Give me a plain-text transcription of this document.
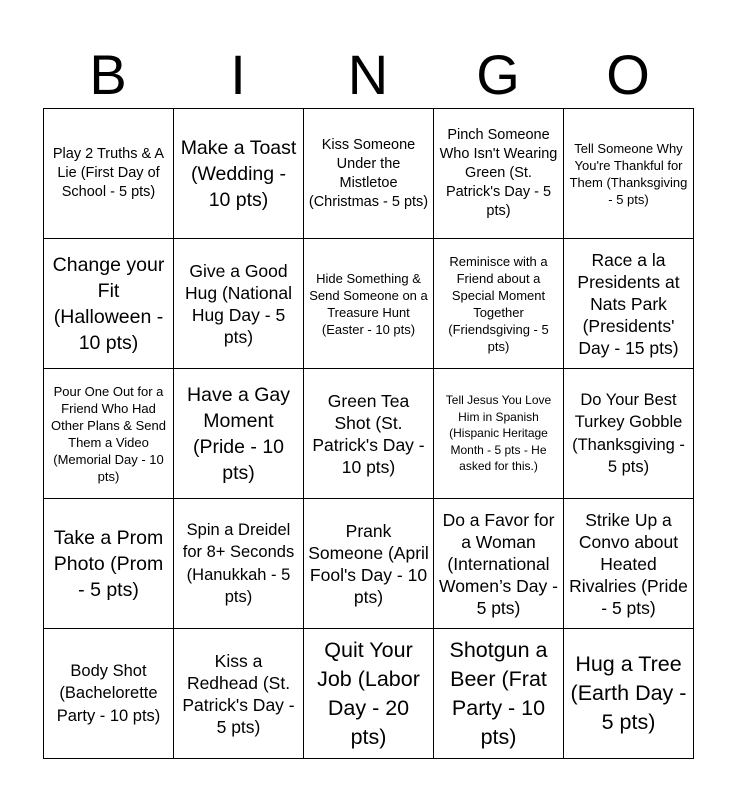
B	I	N	G	O
Play 2 Truths & A Lie (First Day of School - 5 pts)	Make a Toast (Wedding - 10 pts)	Kiss Someone Under the Mistletoe (Christmas - 5 pts)	Pinch Someone Who Isn't Wearing Green (St. Patrick's Day - 5 pts)	Tell Someone Why You're Thankful for Them (Thanksgiving - 5 pts)

Change your Fit (Halloween - 10 pts)	Give a Good Hug (National Hug Day - 5 pts)	Hide Something & Send Someone on a Treasure Hunt (Easter - 10 pts)	Reminisce with a Friend about a Special Moment Together (Friendsgiving - 5 pts)	Race a la Presidents at Nats Park (Presidents' Day - 15 pts)

Pour One Out for a Friend Who Had Other Plans & Send Them a Video (Memorial Day - 10 pts)	Have a Gay Moment (Pride - 10 pts)	Green Tea Shot (St. Patrick's Day - 10 pts)	Tell Jesus You Love Him in Spanish (Hispanic Heritage Month - 5 pts - He asked for this.)	Do Your Best Turkey Gobble (Thanksgiving - 5 pts)

Take a Prom Photo (Prom - 5 pts)	Spin a Dreidel for 8+ Seconds (Hanukkah - 5 pts)	Prank Someone (April Fool's Day - 10 pts)	Do a Favor for a Woman (International Women’s Day - 5 pts)	Strike Up a Convo about Heated Rivalries (Pride - 5 pts)

Body Shot (Bachelorette Party - 10 pts)	Kiss a Redhead (St. Patrick's Day - 5 pts)	Quit Your Job (Labor Day - 20 pts)	Shotgun a Beer (Frat Party - 10 pts)	Hug a Tree (Earth Day - 5 pts)
